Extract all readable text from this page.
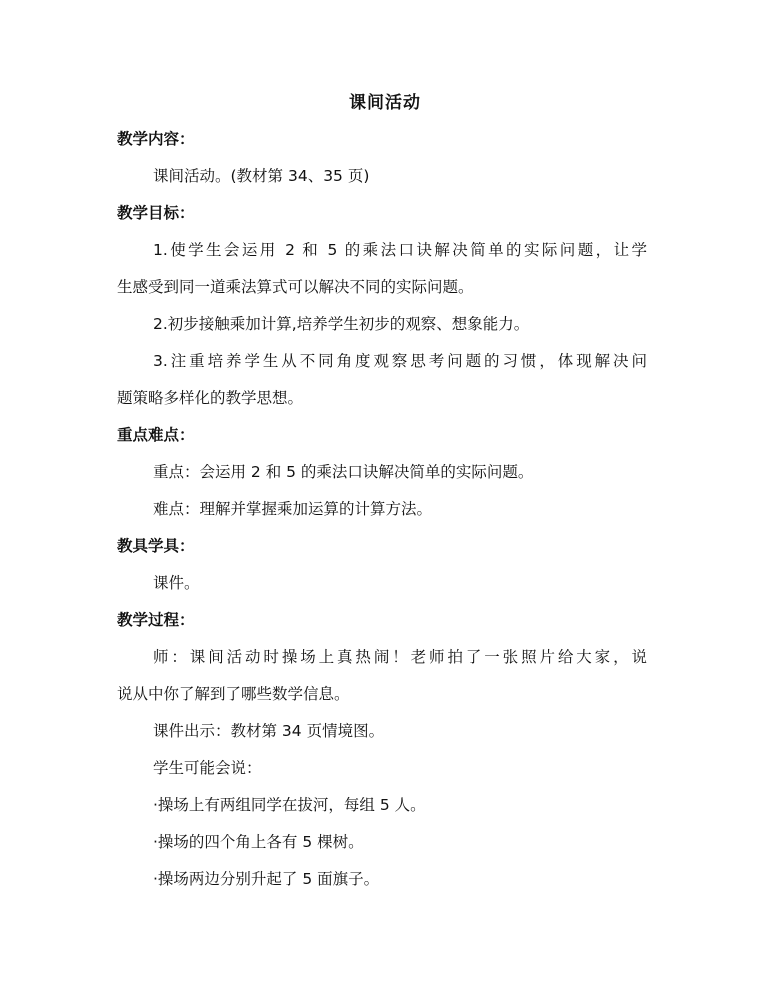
课间活动
教学内容：
课间活动。(教材第 34、35 页)
教学目标：
1.使学生会运用 2 和 5 的乘法口诀解决简单的实际问题，让学
生感受到同一道乘法算式可以解决不同的实际问题。
2.初步接触乘加计算,培养学生初步的观察、想象能力。
3.注重培养学生从不同角度观察思考问题的习惯，体现解决问
题策略多样化的教学思想。
重点难点：
重点：会运用 2 和 5 的乘法口诀解决简单的实际问题。
难点：理解并掌握乘加运算的计算方法。
教具学具：
课件。
教学过程：
师：课间活动时操场上真热闹！老师拍了一张照片给大家，说
说从中你了解到了哪些数学信息。
课件出示：教材第 34 页情境图。
学生可能会说：
·操场上有两组同学在拔河，每组 5 人。
·操场的四个角上各有 5 棵树。
·操场两边分别升起了 5 面旗子。
